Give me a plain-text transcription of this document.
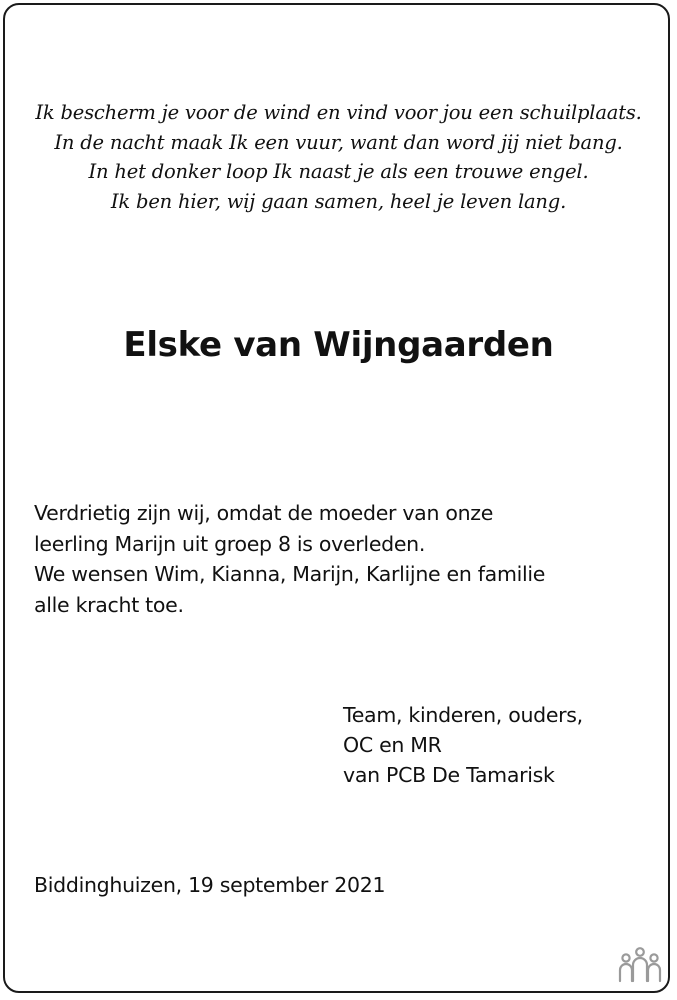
Ik bescherm je voor de wind en vind voor jou een schuilplaats.
In de nacht maak Ik een vuur, want dan word jij niet bang.
In het donker loop Ik naast je als een trouwe engel.
Ik ben hier, wij gaan samen, heel je leven lang.
Elske van Wijngaarden
Verdrietig zijn wij, omdat de moeder van onze
leerling Marijn uit groep 8 is overleden.
We wensen Wim, Kianna, Marijn, Karlijne en familie
alle kracht toe.
Team, kinderen, ouders,
OC en MR
van PCB De Tamarisk
Biddinghuizen, 19 september 2021
